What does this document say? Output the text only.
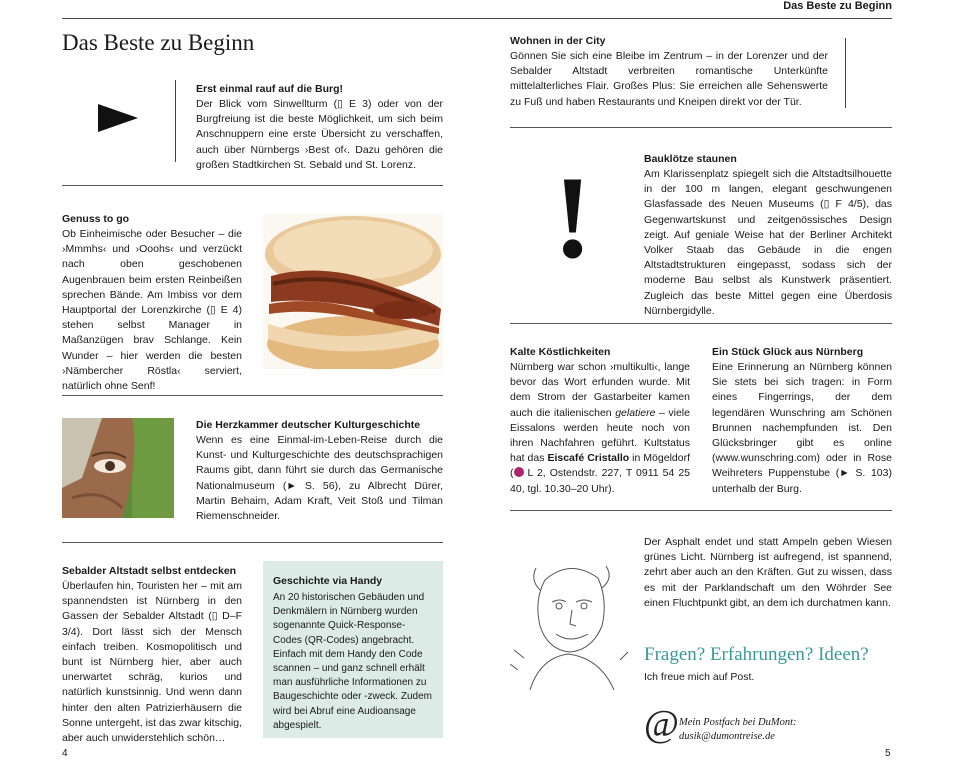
Das Beste zu Beginn
Das Beste zu Beginn
Erst einmal rauf auf die Burg!
Der Blick vom Sinwellturm (▯ E 3) oder von der Burgfreiung ist die beste Möglichkeit, um sich beim Anschnuppern eine erste Übersicht zu verschaffen, auch über Nürnbergs ›Best of‹. Dazu gehören die großen Stadtkirchen St. Sebald und St. Lorenz.
Genuss to go
Ob Einheimische oder Besucher – die ›Mmmhs‹ und ›Ooohs‹ und verzückt nach oben geschobenen Augenbrauen beim ersten Reinbeißen sprechen Bände. Am Imbiss vor dem Hauptportal der Lorenzkirche (▯ E 4) stehen selbst Manager in Maßanzügen brav Schlange. Kein Wunder – hier werden die besten ›Nämbercher Röstla‹ serviert, natürlich ohne Senf!
Die Herzkammer deutscher Kulturgeschichte
Wenn es eine Einmal-im-Leben-Reise durch die Kunst- und Kulturgeschichte des deutschsprachigen Raums gibt, dann führt sie durch das Germanische Nationalmuseum (► S. 56), zu Albrecht Dürer, Martin Behaim, Adam Kraft, Veit Stoß und Tilman Riemenschneider.
Sebalder Altstadt selbst entdecken
Überlaufen hin, Touristen her – mit am spannendsten ist Nürnberg in den Gassen der Sebalder Altstadt (▯ D–F 3/4). Dort lässt sich der Mensch einfach treiben. Kosmopolitisch und bunt ist Nürnberg hier, aber auch unerwartet schräg, kurios und natürlich kunstsinnig. Und wenn dann hinter den alten Patrizierhäusern die Sonne untergeht, ist das zwar kitschig, aber auch unwiderstehlich schön…
Geschichte via Handy
An 20 historischen Gebäuden und Denkmälern in Nürnberg wurden sogenannte Quick-Response-Codes (QR-Codes) angebracht. Einfach mit dem Handy den Code scannen – und ganz schnell erhält man ausführliche Informationen zu Baugeschichte oder -zweck. Zudem wird bei Abruf eine Audioansage abgespielt.
4
Wohnen in der City
Gönnen Sie sich eine Bleibe im Zentrum – in der Lorenzer und der Sebalder Altstadt verbreiten romantische Unterkünfte mittelalterliches Flair. Großes Plus: Sie erreichen alle Sehenswerte zu Fuß und haben Restaurants und Kneipen direkt vor der Tür.
!	Bauklötze staunen
Am Klarissenplatz spiegelt sich die Altstadtsilhouette in der 100 m langen, elegant geschwungenen Glasfassade des Neuen Museums (▯ F 4/5), das Gegenwartskunst und zeitgenössisches Design zeigt. Auf geniale Weise hat der Berliner Architekt Volker Staab das Gebäude in die engen Altstadtstrukturen eingepasst, sodass sich der moderne Bau selbst als Kunstwerk präsentiert. Zugleich das beste Mittel gegen eine Überdosis Nürnbergidylle.
Kalte Köstlichkeiten
Nürnberg war schon ›multikulti‹, lange bevor das Wort erfunden wurde. Mit dem Strom der Gastarbeiter kamen auch die italienischen gelatiere – viele Eissalons werden heute noch von ihren Nachfahren geführt. Kultstatus hat das Eiscafé Cristallo in Mögeldorf ( L 2, Ostendstr. 227, T 0911 54 25 40, tgl. 10.30–20 Uhr).
Ein Stück Glück aus Nürnberg
Eine Erinnerung an Nürnberg können Sie stets bei sich tragen: in Form eines Fingerrings, der dem legendären Wunschring am Schönen Brunnen nachempfunden ist. Den Glücksbringer gibt es online (www.wunschring.com) oder in Rose Weihreters Puppenstube (► S. 103) unterhalb der Burg.
Der Asphalt endet und statt Ampeln geben Wiesen grünes Licht. Nürnberg ist aufregend, ist spannend, zehrt aber auch an den Kräften. Gut zu wissen, dass es mit der Parklandschaft um den Wöhrder See einen Fluchtpunkt gibt, an dem ich durchatmen kann.
Fragen? Erfahrungen? Ideen?
Ich freue mich auf Post.
@ Mein Postfach bei DuMont:
dusik@dumontreise.de
5
